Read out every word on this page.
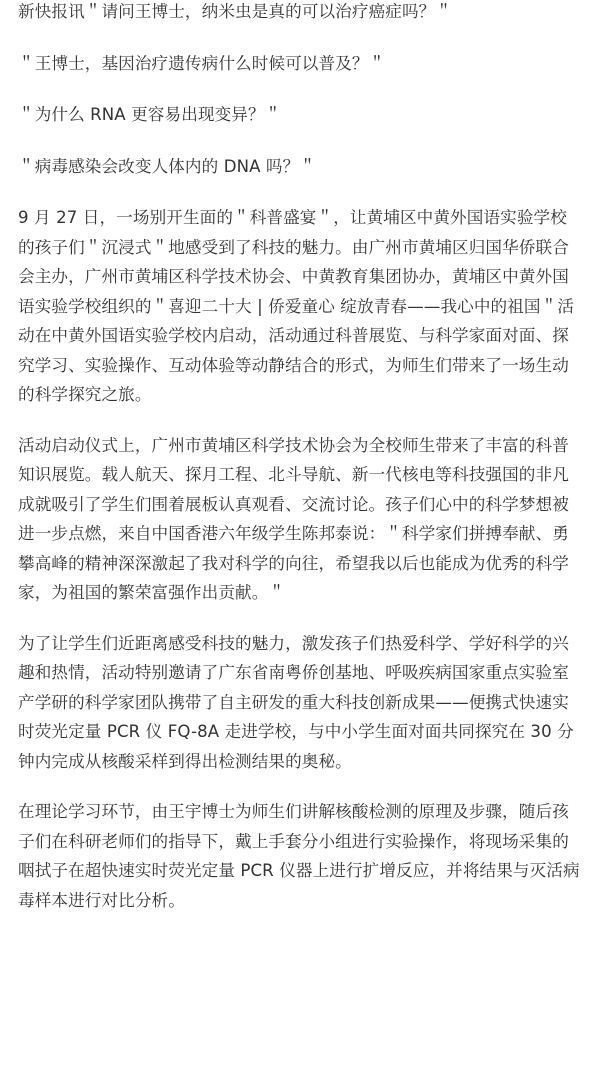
新快报讯＂请问王博士，纳米虫是真的可以治疗癌症吗？＂

＂王博士，基因治疗遗传病什么时候可以普及？＂

＂为什么 RNA 更容易出现变异？＂

＂病毒感染会改变人体内的 DNA 吗？＂

9 月 27 日，一场别开生面的＂科普盛宴＂，让黄埔区中黄外国语实验学校的孩子们＂沉浸式＂地感受到了科技的魅力。由广州市黄埔区归国华侨联合会主办，广州市黄埔区科学技术协会、中黄教育集团协办，黄埔区中黄外国语实验学校组织的＂喜迎二十大 | 侨爱童心 绽放青春——我心中的祖国＂活动在中黄外国语实验学校内启动，活动通过科普展览、与科学家面对面、探究学习、实验操作、互动体验等动静结合的形式，为师生们带来了一场生动的科学探究之旅。

活动启动仪式上，广州市黄埔区科学技术协会为全校师生带来了丰富的科普知识展览。载人航天、探月工程、北斗导航、新一代核电等科技强国的非凡成就吸引了学生们围着展板认真观看、交流讨论。孩子们心中的科学梦想被进一步点燃，来自中国香港六年级学生陈邦泰说：＂科学家们拼搏奉献、勇攀高峰的精神深深激起了我对科学的向往，希望我以后也能成为优秀的科学家，为祖国的繁荣富强作出贡献。＂

为了让学生们近距离感受科技的魅力，激发孩子们热爱科学、学好科学的兴趣和热情，活动特别邀请了广东省南粤侨创基地、呼吸疾病国家重点实验室产学研的科学家团队携带了自主研发的重大科技创新成果——便携式快速实时荧光定量 PCR 仪 FQ-8A 走进学校，与中小学生面对面共同探究在 30 分钟内完成从核酸采样到得出检测结果的奥秘。

在理论学习环节，由王宇博士为师生们讲解核酸检测的原理及步骤，随后孩子们在科研老师们的指导下，戴上手套分小组进行实验操作，将现场采集的咽拭子在超快速实时荧光定量 PCR 仪器上进行扩增反应，并将结果与灭活病毒样本进行对比分析。
